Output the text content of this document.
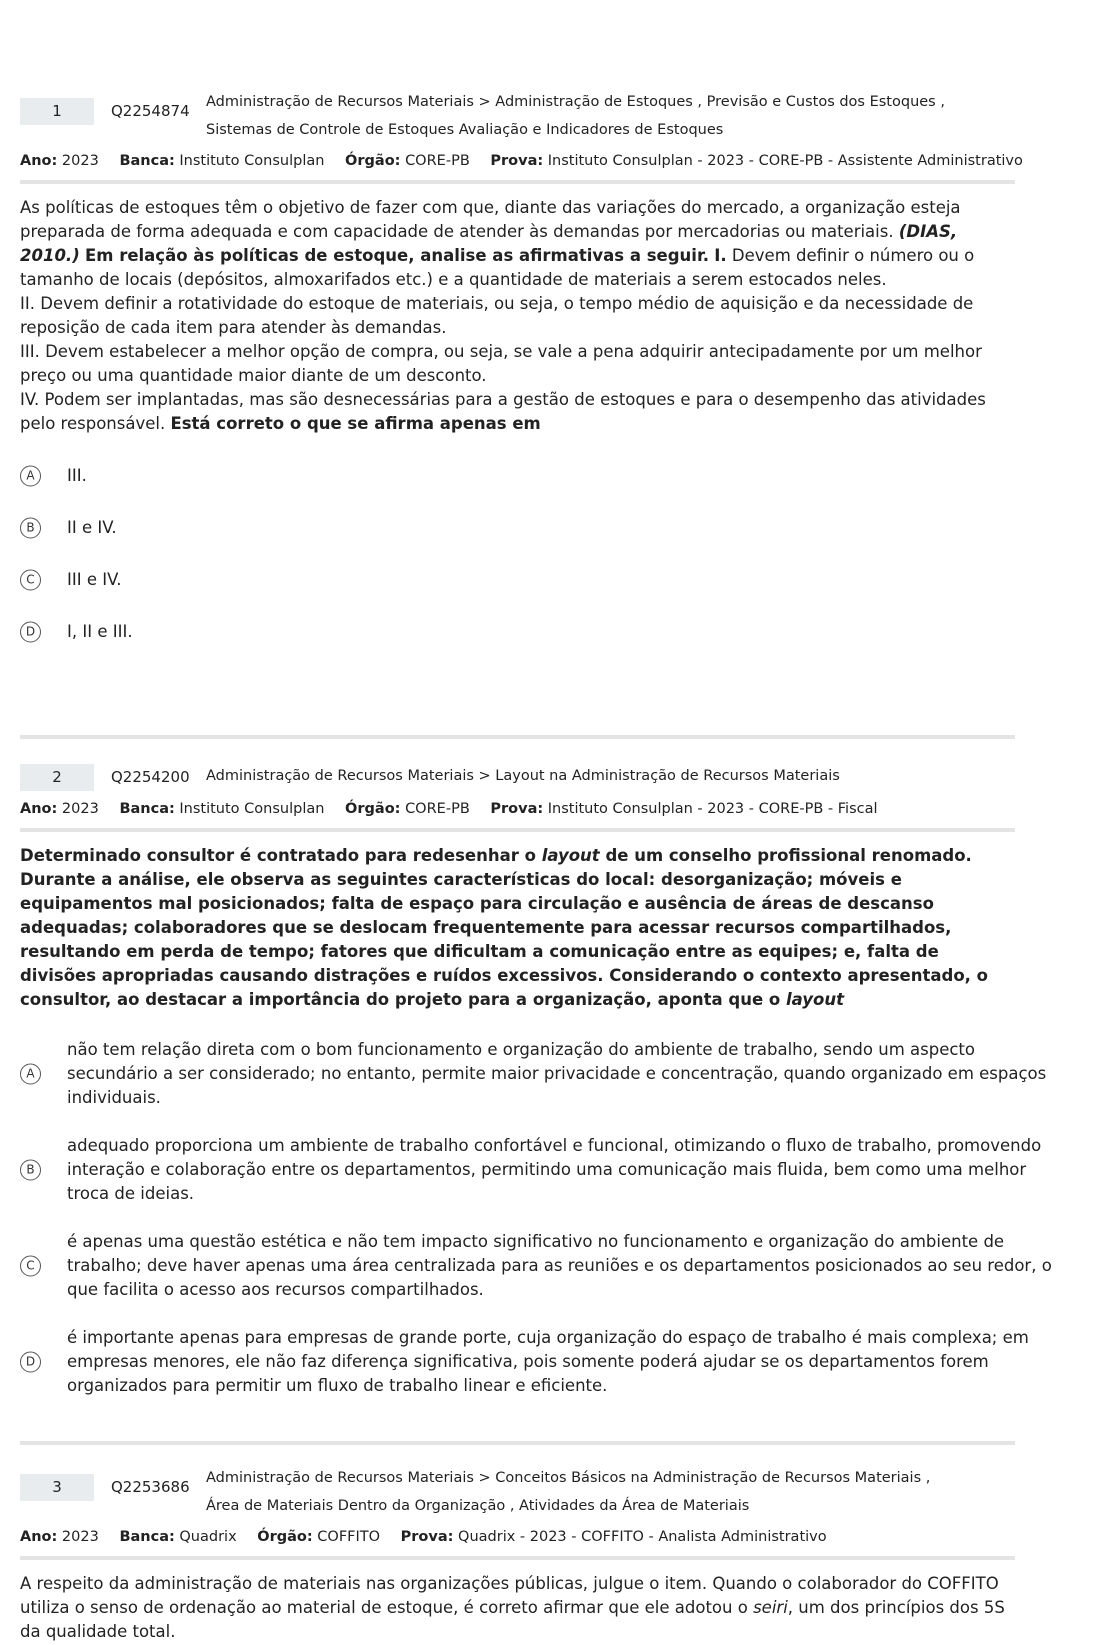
1	Q2254874 Administração de Recursos Materiais > Administração de Estoques , Previsão e Custos dos Estoques ,
Sistemas de Controle de Estoques Avaliação e Indicadores de Estoques
Ano: 2023 Banca: Instituto Consulplan Órgão: CORE-PB Prova: Instituto Consulplan - 2023 - CORE-PB - Assistente Administrativo

As políticas de estoques têm o objetivo de fazer com que, diante das variações do mercado, a organização esteja preparada de forma adequada e com capacidade de atender às demandas por mercadorias ou materiais. (DIAS, 2010.) Em relação às políticas de estoque, analise as afirmativas a seguir. I. Devem definir o número ou o tamanho de locais (depósitos, almoxarifados etc.) e a quantidade de materiais a serem estocados neles.

II. Devem definir a rotatividade do estoque de materiais, ou seja, o tempo médio de aquisição e da necessidade de reposição de cada item para atender às demandas.

III. Devem estabelecer a melhor opção de compra, ou seja, se vale a pena adquirir antecipadamente por um melhor preço ou uma quantidade maior diante de um desconto.

IV. Podem ser implantadas, mas são desnecessárias para a gestão de estoques e para o desempenho das atividades pelo responsável. Está correto o que se afirma apenas em

A	III.
B	II e IV.
C	III e IV.
D	I, II e III.
2	Q2254200 Administração de Recursos Materiais > Layout na Administração de Recursos Materiais
Ano: 2023 Banca: Instituto Consulplan Órgão: CORE-PB Prova: Instituto Consulplan - 2023 - CORE-PB - Fiscal

Determinado consultor é contratado para redesenhar o layout de um conselho profissional renomado. Durante a análise, ele observa as seguintes características do local: desorganização; móveis e equipamentos mal posicionados; falta de espaço para circulação e ausência de áreas de descanso adequadas; colaboradores que se deslocam frequentemente para acessar recursos compartilhados, resultando em perda de tempo; fatores que dificultam a comunicação entre as equipes; e, falta de divisões apropriadas causando distrações e ruídos excessivos. Considerando o contexto apresentado, o consultor, ao destacar a importância do projeto para a organização, aponta que o layout

A
não tem relação direta com o bom funcionamento e organização do ambiente de trabalho, sendo um aspecto secundário a ser considerado; no entanto, permite maior privacidade e concentração, quando organizado em espaços individuais.
B
adequado proporciona um ambiente de trabalho confortável e funcional, otimizando o fluxo de trabalho, promovendo interação e colaboração entre os departamentos, permitindo uma comunicação mais fluida, bem como uma melhor troca de ideias.
C
é apenas uma questão estética e não tem impacto significativo no funcionamento e organização do ambiente de trabalho; deve haver apenas uma área centralizada para as reuniões e os departamentos posicionados ao seu redor, o que facilita o acesso aos recursos compartilhados.
D
é importante apenas para empresas de grande porte, cuja organização do espaço de trabalho é mais complexa; em empresas menores, ele não faz diferença significativa, pois somente poderá ajudar se os departamentos forem organizados para permitir um fluxo de trabalho linear e eficiente.
3	Q2253686 Administração de Recursos Materiais > Conceitos Básicos na Administração de Recursos Materiais ,
Área de Materiais Dentro da Organização , Atividades da Área de Materiais
Ano: 2023 Banca: Quadrix Órgão: COFFITO Prova: Quadrix - 2023 - COFFITO - Analista Administrativo

A respeito da administração de materiais nas organizações públicas, julgue o item. Quando o colaborador do COFFITO utiliza o senso de ordenação ao material de estoque, é correto afirmar que ele adotou o seiri, um dos princípios dos 5S da qualidade total.
